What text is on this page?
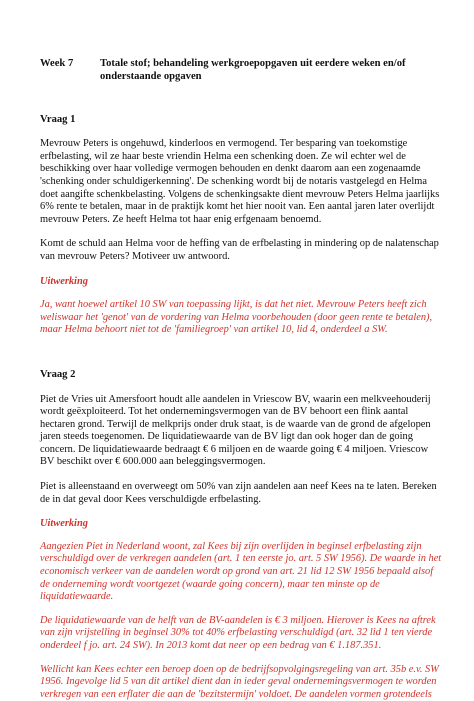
Week 7	Totale stof; behandeling werkgroepopgaven uit eerdere weken en/of onderstaande opgaven
Vraag 1

Mevrouw Peters is ongehuwd, kinderloos en vermogend. Ter besparing van toekomstige erfbelasting, wil ze haar beste vriendin Helma een schenking doen. Ze wil echter wel de beschikking over haar volledige vermogen behouden en denkt daarom aan een zogenaamde 'schenking onder schuldigerkenning'. De schenking wordt bij de notaris vastgelegd en Helma doet aangifte schenkbelasting. Volgens de schenkingsakte dient mevrouw Peters Helma jaarlijks 6% rente te betalen, maar in de praktijk komt het hier nooit van. Een aantal jaren later overlijdt mevrouw Peters. Ze heeft Helma tot haar enig erfgenaam benoemd.

Komt de schuld aan Helma voor de heffing van de erfbelasting in mindering op de nalatenschap van mevrouw Peters? Motiveer uw antwoord.

Uitwerking

Ja, want hoewel artikel 10 SW van toepassing lijkt, is dat het niet. Mevrouw Peters heeft zich weliswaar het 'genot' van de vordering van Helma voorbehouden (door geen rente te betalen), maar Helma behoort niet tot de 'familiegroep' van artikel 10, lid 4, onderdeel a SW.

Vraag 2

Piet de Vries uit Amersfoort houdt alle aandelen in Vriescow BV, waarin een melkveehouderij wordt geëxploiteerd. Tot het ondernemingsvermogen van de BV behoort een flink aantal hectaren grond. Terwijl de melkprijs onder druk staat, is de waarde van de grond de afgelopen jaren steeds toegenomen. De liquidatiewaarde van de BV ligt dan ook hoger dan de going concern. De liquidatiewaarde bedraagt € 6 miljoen en de waarde going € 4 miljoen. Vriescow BV beschikt over € 600.000 aan beleggingsvermogen.

Piet is alleenstaand en overweegt om 50% van zijn aandelen aan neef Kees na te laten. Bereken de in dat geval door Kees verschuldigde erfbelasting.

Uitwerking

Aangezien Piet in Nederland woont, zal Kees bij zijn overlijden in beginsel erfbelasting zijn verschuldigd over de verkregen aandelen (art. 1 ten eerste jo. art. 5 SW 1956). De waarde in het economisch verkeer van de aandelen wordt op grond van art. 21 lid 12 SW 1956 bepaald alsof de onderneming wordt voortgezet (waarde going concern), maar ten minste op de liquidatiewaarde.

De liquidatiewaarde van de helft van de BV-aandelen is € 3 miljoen. Hierover is Kees na aftrek van zijn vrijstelling in beginsel 30% tot 40% erfbelasting verschuldigd (art. 32 lid 1 ten vierde onderdeel f jo. art. 24 SW). In 2013 komt dat neer op een bedrag van € 1.187.351.

Wellicht kan Kees echter een beroep doen op de bedrijfsopvolgingsregeling van art. 35b e.v. SW 1956. Ingevolge lid 5 van dit artikel dient dan in ieder geval ondernemingsvermogen te worden verkregen van een erflater die aan de 'bezitstermijn' voldoet. De aandelen vormen grotendeels
